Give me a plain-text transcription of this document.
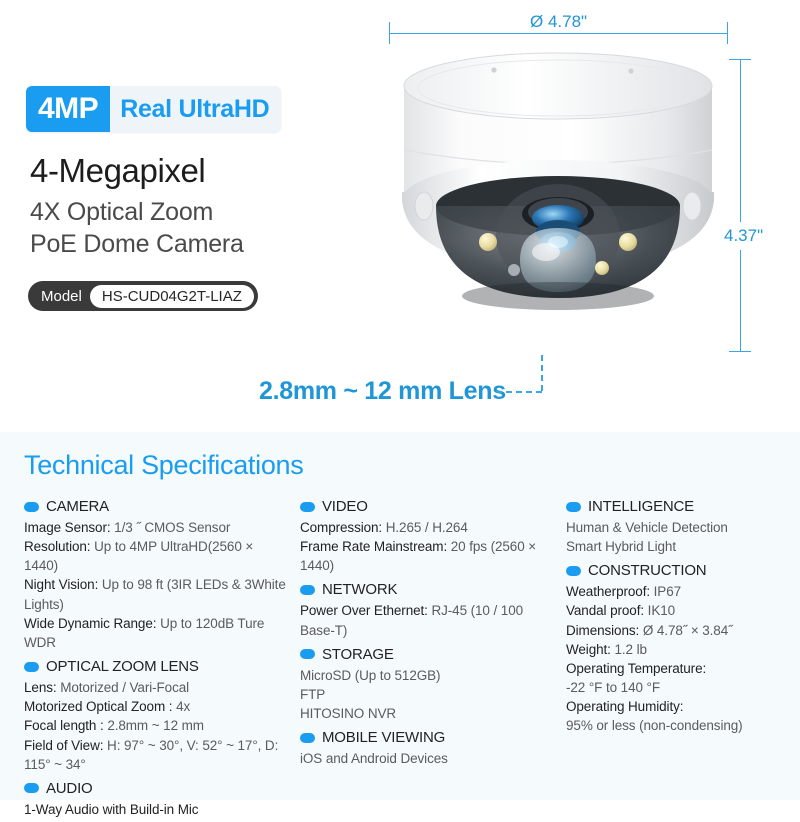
4MP Real UltraHD
4-Megapixel
4X Optical Zoom
PoE Dome Camera
Model	HS-CUD04G2T-LIAZ
2.8mm ~ 12 mm Lens
Ø 4.78"
4.37"
Technical Specifications
CAMERA
Image Sensor: 1/3 ˝ CMOS Sensor
Resolution: Up to 4MP UltraHD(2560 × 1440)
Night Vision: Up to 98 ft (3IR LEDs & 3White Lights)
Wide Dynamic Range: Up to 120dB Ture WDR
OPTICAL ZOOM LENS
Lens: Motorized / Vari-Focal
Motorized Optical Zoom : 4x
Focal length : 2.8mm ~ 12 mm
Field of View: H: 97° ~ 30°, V: 52° ~ 17°, D: 115° ~ 34°
AUDIO
1-Way Audio with Build-in Mic
VIDEO
Compression: H.265 / H.264
Frame Rate Mainstream: 20 fps (2560 × 1440)
NETWORK
Power Over Ethernet: RJ-45 (10 / 100 Base-T)
STORAGE
MicroSD (Up to 512GB)
FTP
HITOSINO NVR
MOBILE VIEWING
iOS and Android Devices
INTELLIGENCE
Human & Vehicle Detection
Smart Hybrid Light
CONSTRUCTION
Weatherproof: IP67
Vandal proof: IK10
Dimensions: Ø 4.78˝ × 3.84˝
Weight: 1.2 lb
Operating Temperature:
-22 °F to 140 °F
Operating Humidity:
95% or less (non-condensing)
